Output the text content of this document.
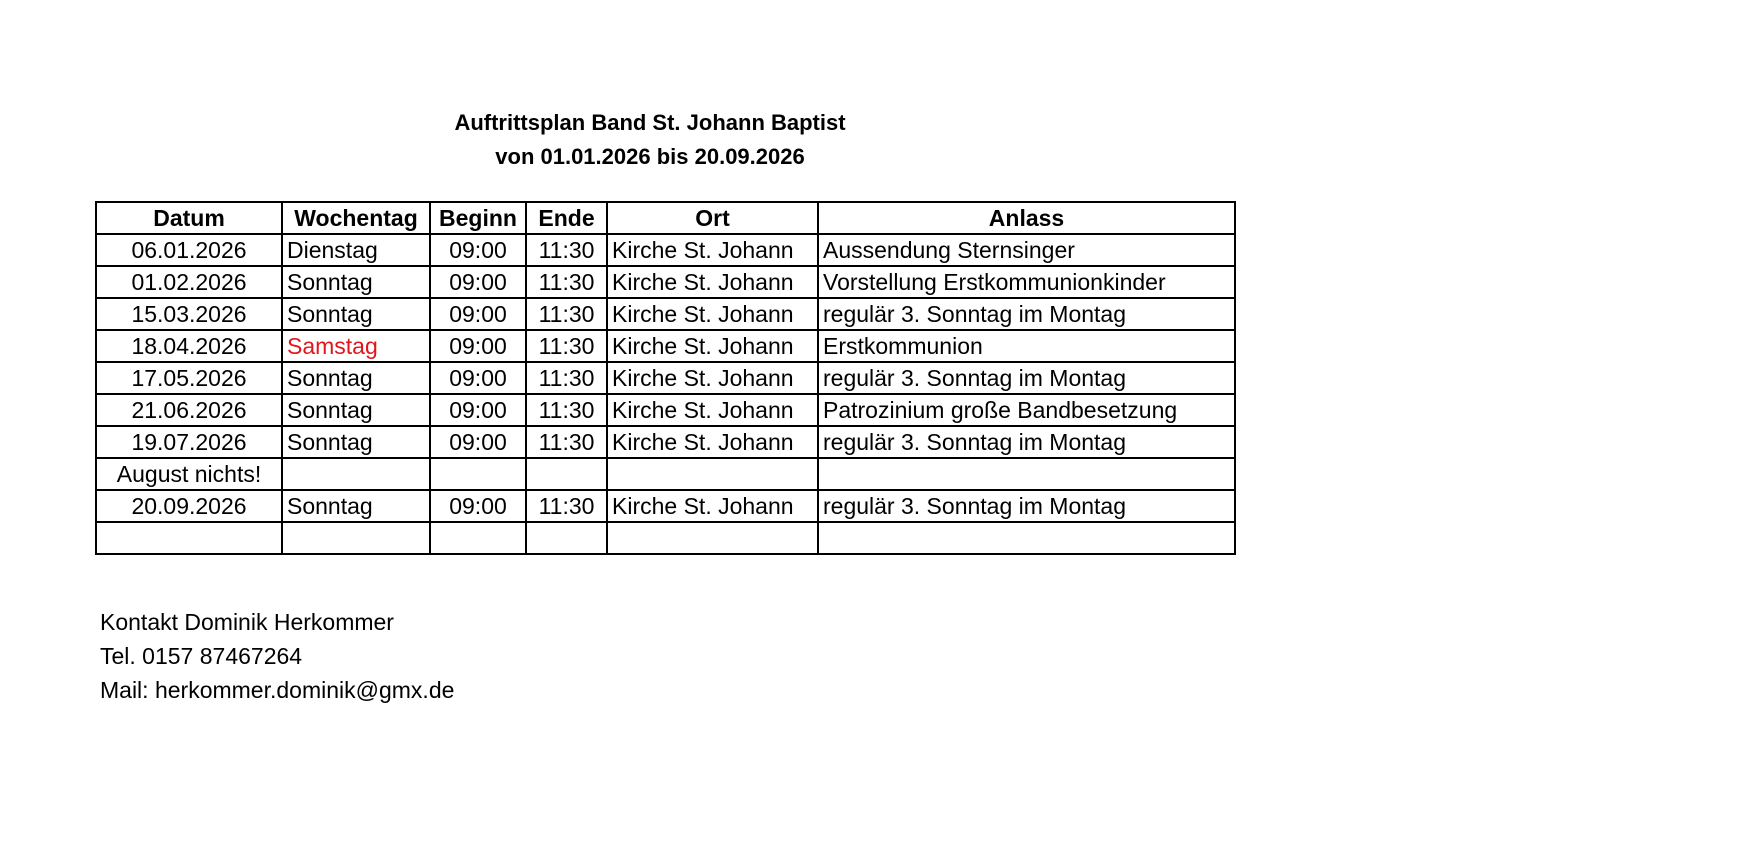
Auftrittsplan Band St. Johann Baptist
von 01.01.2026 bis 20.09.2026
Datum	Wochentag	Beginn	Ende	Ort	Anlass
06.01.2026	Dienstag	09:00	11:30	Kirche St. Johann	Aussendung Sternsinger
01.02.2026	Sonntag	09:00	11:30	Kirche St. Johann	Vorstellung Erstkommunionkinder
15.03.2026	Sonntag	09:00	11:30	Kirche St. Johann	regulär 3. Sonntag im Montag
18.04.2026	Samstag	09:00	11:30	Kirche St. Johann	Erstkommunion
17.05.2026	Sonntag	09:00	11:30	Kirche St. Johann	regulär 3. Sonntag im Montag
21.06.2026	Sonntag	09:00	11:30	Kirche St. Johann	Patrozinium große Bandbesetzung
19.07.2026	Sonntag	09:00	11:30	Kirche St. Johann	regulär 3. Sonntag im Montag
August nichts!					
20.09.2026	Sonntag	09:00	11:30	Kirche St. Johann	regulär 3. Sonntag im Montag

Kontakt Dominik Herkommer
Tel. 0157 87467264
Mail: herkommer.dominik@gmx.de
